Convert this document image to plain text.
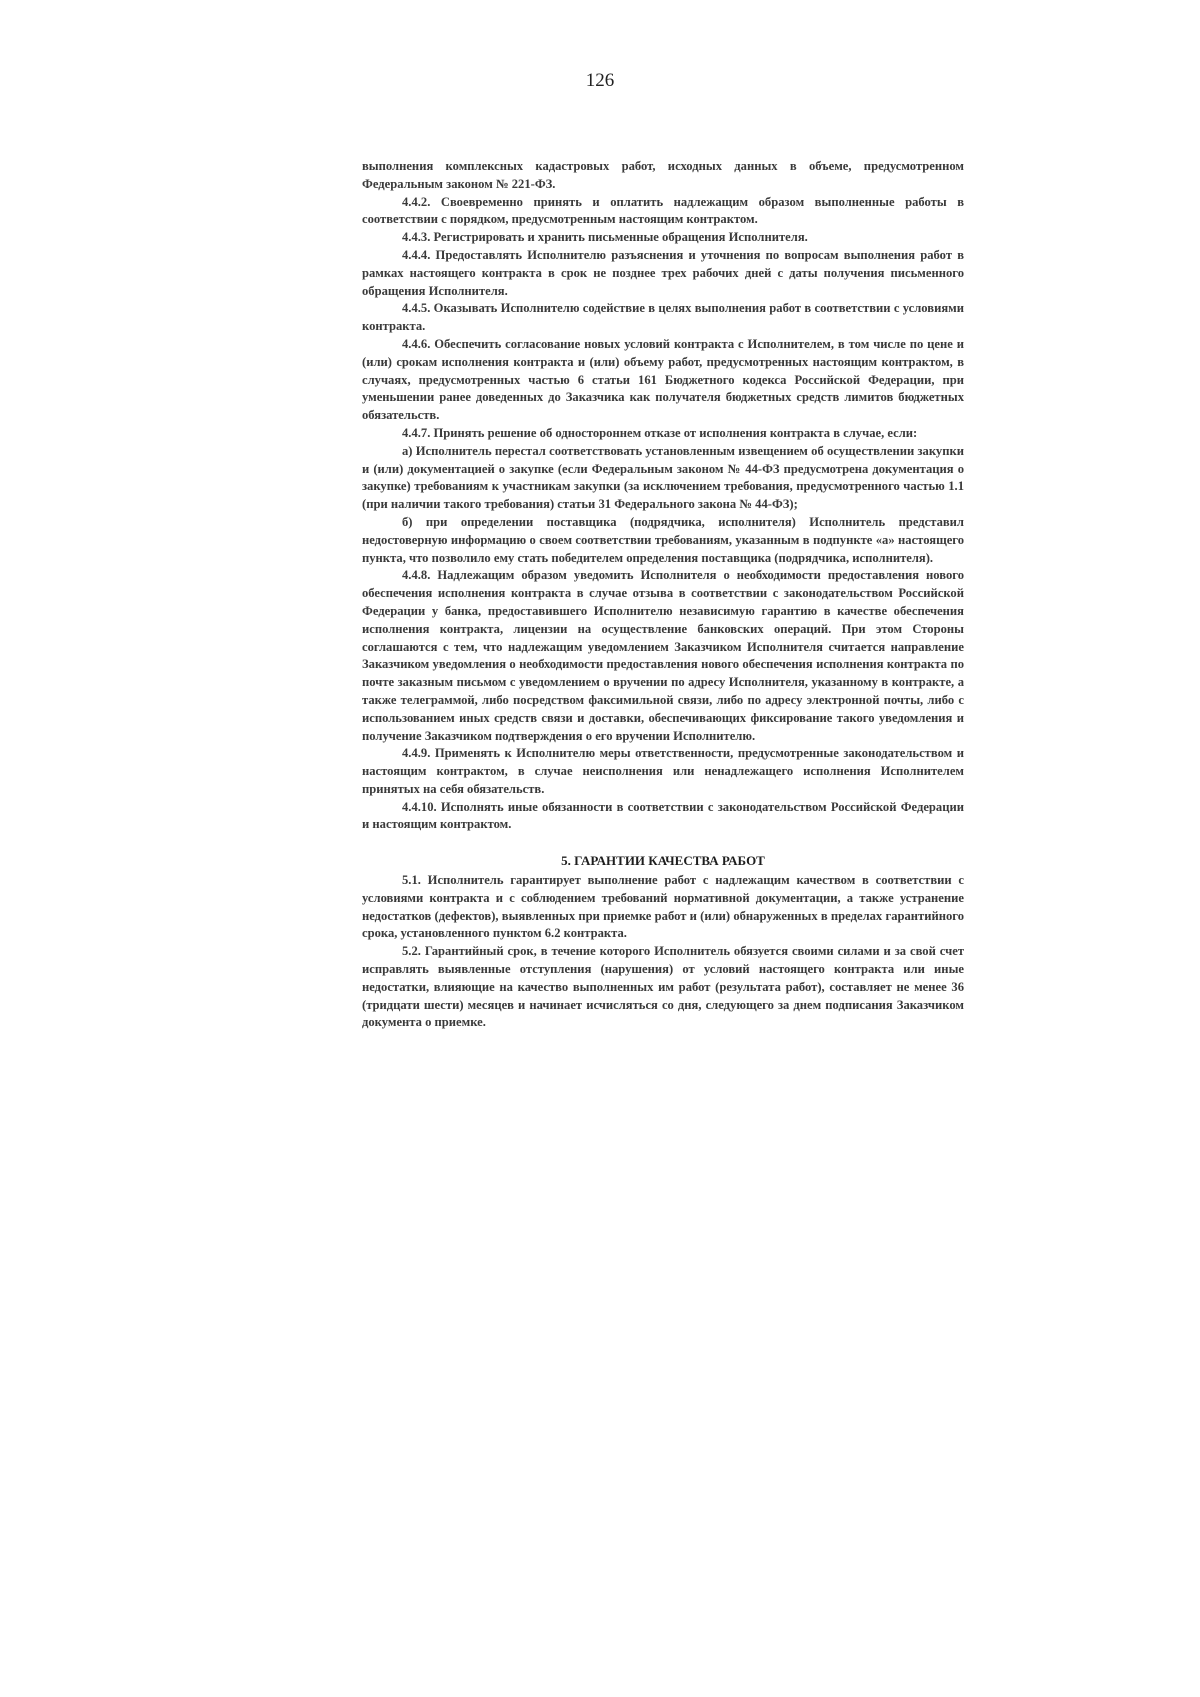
126

выполнения комплексных кадастровых работ, исходных данных в объеме, предусмотренном Федеральным законом № 221-ФЗ.

4.4.2. Своевременно принять и оплатить надлежащим образом выполненные работы в соответствии с порядком, предусмотренным настоящим контрактом.

4.4.3. Регистрировать и хранить письменные обращения Исполнителя.

4.4.4. Предоставлять Исполнителю разъяснения и уточнения по вопросам выполнения работ в рамках настоящего контракта в срок не позднее трех рабочих дней с даты получения письменного обращения Исполнителя.

4.4.5. Оказывать Исполнителю содействие в целях выполнения работ в соответствии с условиями контракта.

4.4.6. Обеспечить согласование новых условий контракта с Исполнителем, в том числе по цене и (или) срокам исполнения контракта и (или) объему работ, предусмотренных настоящим контрактом, в случаях, предусмотренных частью 6 статьи 161 Бюджетного кодекса Российской Федерации, при уменьшении ранее доведенных до Заказчика как получателя бюджетных средств лимитов бюджетных обязательств.

4.4.7. Принять решение об одностороннем отказе от исполнения контракта в случае, если:

а) Исполнитель перестал соответствовать установленным извещением об осуществлении закупки и (или) документацией о закупке (если Федеральным законом № 44-ФЗ предусмотрена документация о закупке) требованиям к участникам закупки (за исключением требования, предусмотренного частью 1.1 (при наличии такого требования) статьи 31 Федерального закона № 44-ФЗ);

б) при определении поставщика (подрядчика, исполнителя) Исполнитель представил недостоверную информацию о своем соответствии требованиям, указанным в подпункте «а» настоящего пункта, что позволило ему стать победителем определения поставщика (подрядчика, исполнителя).

4.4.8. Надлежащим образом уведомить Исполнителя о необходимости предоставления нового обеспечения исполнения контракта в случае отзыва в соответствии с законодательством Российской Федерации у банка, предоставившего Исполнителю независимую гарантию в качестве обеспечения исполнения контракта, лицензии на осуществление банковских операций. При этом Стороны соглашаются с тем, что надлежащим уведомлением Заказчиком Исполнителя считается направление Заказчиком уведомления о необходимости предоставления нового обеспечения исполнения контракта по почте заказным письмом с уведомлением о вручении по адресу Исполнителя, указанному в контракте, а также телеграммой, либо посредством факсимильной связи, либо по адресу электронной почты, либо с использованием иных средств связи и доставки, обеспечивающих фиксирование такого уведомления и получение Заказчиком подтверждения о его вручении Исполнителю.

4.4.9. Применять к Исполнителю меры ответственности, предусмотренные законодательством и настоящим контрактом, в случае неисполнения или ненадлежащего исполнения Исполнителем принятых на себя обязательств.

4.4.10. Исполнять иные обязанности в соответствии с законодательством Российской Федерации и настоящим контрактом.

5. ГАРАНТИИ КАЧЕСТВА РАБОТ

5.1. Исполнитель гарантирует выполнение работ с надлежащим качеством в соответствии с условиями контракта и с соблюдением требований нормативной документации, а также устранение недостатков (дефектов), выявленных при приемке работ и (или) обнаруженных в пределах гарантийного срока, установленного пунктом 6.2 контракта.

5.2. Гарантийный срок, в течение которого Исполнитель обязуется своими силами и за свой счет исправлять выявленные отступления (нарушения) от условий настоящего контракта или иные недостатки, влияющие на качество выполненных им работ (результата работ), составляет не менее 36 (тридцати шести) месяцев и начинает исчисляться со дня, следующего за днем подписания Заказчиком документа о приемке.
